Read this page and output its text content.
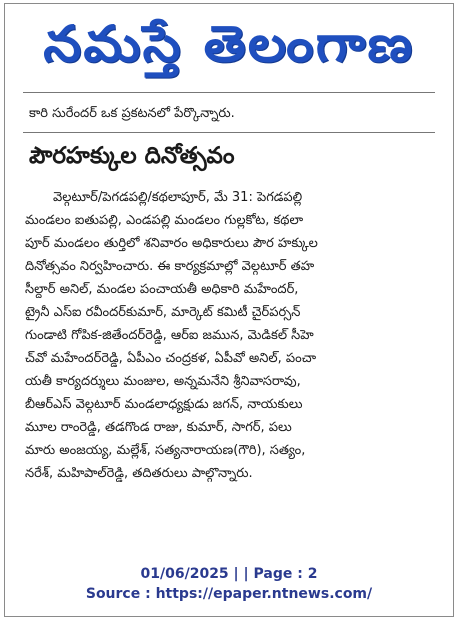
నమస్తే తెలంగాణ
కారి సురేందర్ ఒక ప్రకటనలో పేర్కొన్నారు.
పౌరహక్కుల దినోత్సవం
వెల్గటూర్/పెగడపల్లి/కథలాపూర్, మే 31: పెగడపల్లి
మండలం ఐతుపల్లి, ఎండపల్లి మండలం గుల్లకోట, కథలా
పూర్ మండలం తుర్తిలో శనివారం అధికారులు పౌర హక్కుల
దినోత్సవం నిర్వహించారు. ఈ కార్యక్రమాల్లో వెల్గటూర్ తహ
సీల్దార్ అనిల్, మండల పంచాయతీ అధికారి మహేందర్,
ట్రైనీ ఎస్ఐ రవీందర్‌కుమార్, మార్కెట్ కమిటీ చైర్‌పర్సన్
గుండాటి గోపిక-జితేందర్‌రెడ్డి, ఆర్ఐ జమున, మెడికల్ సీహె
చ్‌వో మహేందర్‌రెడ్డి, ఏపీఎం చంద్రకళ, ఏపీవో అనిల్, పంచా
యతీ కార్యదర్శులు మంజుల, అన్నమనేని శ్రీనివాసరావు,
బీఆర్ఎస్ వెల్గటూర్ మండలాధ్యక్షుడు జగన్, నాయకులు
మూల రాంరెడ్డి, తడగొండ రాజు, కుమార్, సాగర్, పలు
మారు అంజయ్య, మల్లేశ్, సత్యనారాయణ(గౌరి), సత్యం,
నరేశ్, మహిపాల్‌రెడ్డి, తదితరులు పాల్గొన్నారు.
01/06/2025 | | Page : 2
Source : https://epaper.ntnews.com/
